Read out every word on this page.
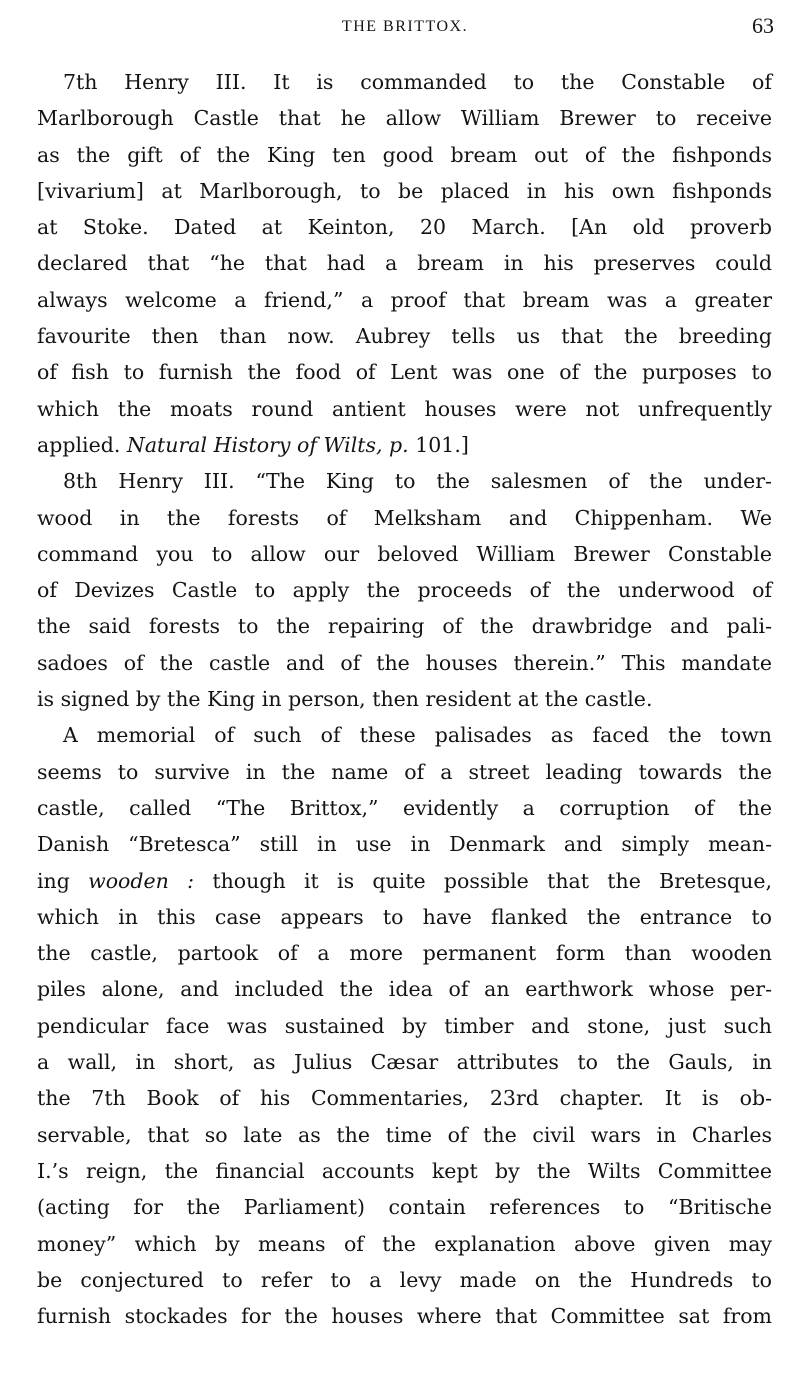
THE BRITTOX.	63

7th Henry III. It is commanded to the Constable of
Marlborough Castle that he allow William Brewer to receive
as the gift of the King ten good bream out of the fishponds
[vivarium] at Marlborough, to be placed in his own fishponds
at Stoke. Dated at Keinton, 20 March. [An old proverb
declared that “he that had a bream in his preserves could
always welcome a friend,” a proof that bream was a greater
favourite then than now. Aubrey tells us that the breeding
of fish to furnish the food of Lent was one of the purposes to
which the moats round antient houses were not unfrequently
applied. Natural History of Wilts, p. 101.]

8th Henry III. “The King to the salesmen of the under-
wood in the forests of Melksham and Chippenham. We
command you to allow our beloved William Brewer Constable
of Devizes Castle to apply the proceeds of the underwood of
the said forests to the repairing of the drawbridge and pali-
sadoes of the castle and of the houses therein.” This mandate
is signed by the King in person, then resident at the castle.

A memorial of such of these palisades as faced the town
seems to survive in the name of a street leading towards the
castle, called “The Brittox,” evidently a corruption of the
Danish “Bretesca” still in use in Denmark and simply mean-
ing wooden : though it is quite possible that the Bretesque,
which in this case appears to have flanked the entrance to
the castle, partook of a more permanent form than wooden
piles alone, and included the idea of an earthwork whose per-
pendicular face was sustained by timber and stone, just such
a wall, in short, as Julius Cæsar attributes to the Gauls, in
the 7th Book of his Commentaries, 23rd chapter. It is ob-
servable, that so late as the time of the civil wars in Charles
I.’s reign, the financial accounts kept by the Wilts Committee
(acting for the Parliament) contain references to “Britische
money” which by means of the explanation above given may
be conjectured to refer to a levy made on the Hundreds to
furnish stockades for the houses where that Committee sat from
